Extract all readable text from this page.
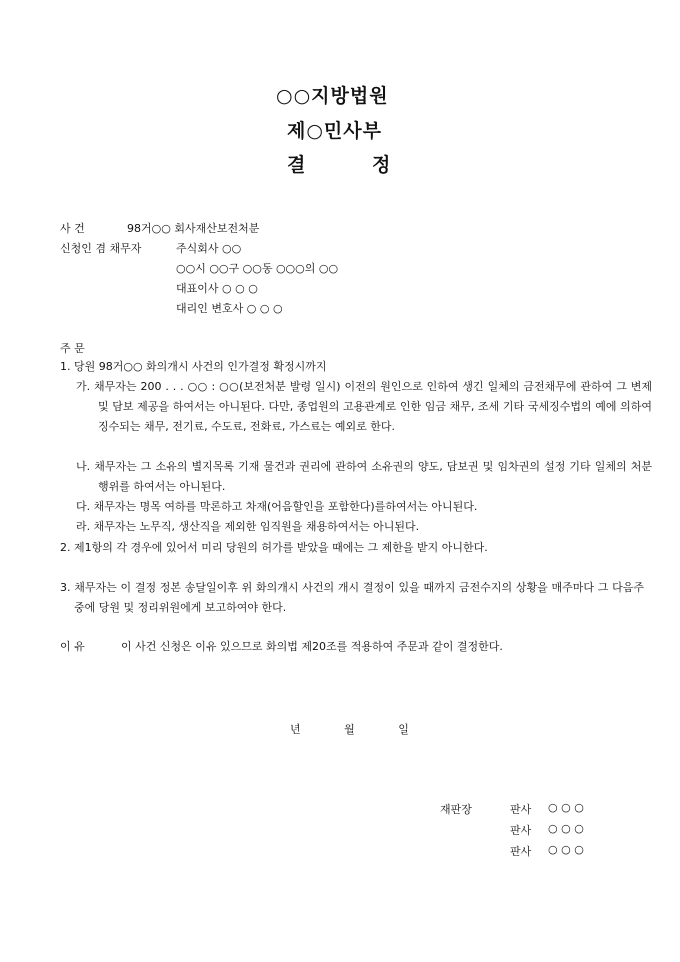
○○지방법원
제○민사부
결 정
사 건	98거○○ 회사재산보전처분
신청인 겸 채무자	주식회사 ○○
○○시 ○○구 ○○동 ○○○의 ○○
대표이사 ○ ○ ○
대리인 변호사 ○ ○ ○
주 문
1. 당원 98거○○ 화의개시 사건의 인가결정 확정시까지
가. 채무자는 200 . . . ○○ : ○○(보전처분 발령 일시) 이전의 원인으로 인하여 생긴 일체의 금전채무에 관하여 그 변제 및 담보 제공을 하여서는 아니된다. 다만, 종업원의 고용관계로 인한 임금 채무, 조세 기타 국세징수법의 예에 의하여 징수되는 채무, 전기료, 수도료, 전화료, 가스료는 예외로 한다.
나. 채무자는 그 소유의 별지목록 기재 물건과 권리에 관하여 소유권의 양도, 담보권 및 임차권의 설정 기타 일체의 처분행위를 하여서는 아니된다.
다. 채무자는 명목 여하를 막론하고 차재(어음할인을 포함한다)를하여서는 아니된다.
라. 채무자는 노무직, 생산직을 제외한 임직원을 채용하여서는 아니된다.
2. 제1항의 각 경우에 있어서 미리 당원의 허가를 받았을 때에는 그 제한을 받지 아니한다.
3. 채무자는 이 결정 정본 송달일이후 위 화의개시 사건의 개시 결정이 있을 때까지 금전수지의 상황을 매주마다 그 다음주 중에 당원 및 정리위원에게 보고하여야 한다.
이 유	이 사건 신청은 이유 있으므로 화의법 제20조를 적용하여 주문과 같이 결정한다.
년 월 일
재판장	판사 ○ ○ ○
판사 ○ ○ ○
판사 ○ ○ ○
